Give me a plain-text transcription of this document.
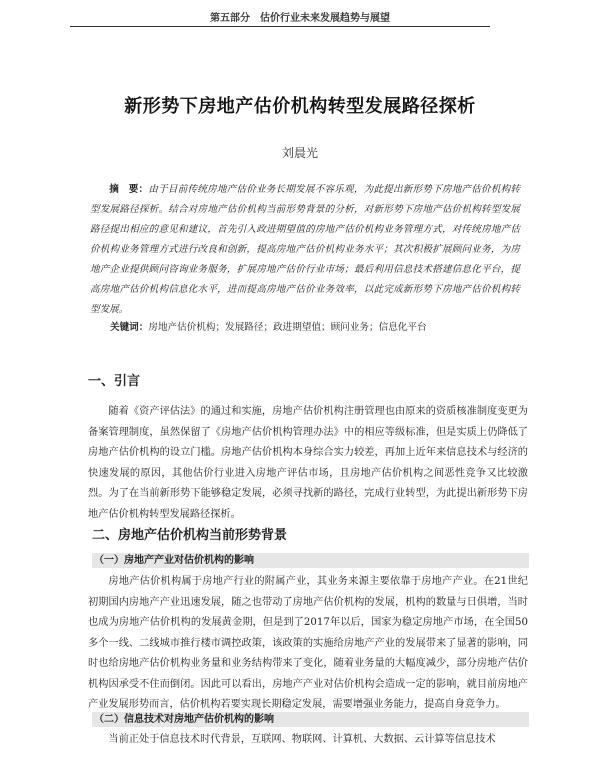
第五部分　估价行业未来发展趋势与展望
新形势下房地产估价机构转型发展路径探析
刘晨光
摘　要：由于目前传统房地产估价业务长期发展不容乐观，为此提出新形势下房地产估价机构转型发展路径探析。结合对房地产估价机构当前形势背景的分析，对新形势下房地产估价机构转型发展路径提出相应的意见和建议，首先引入政进期望值的房地产估价机构业务管理方式，对传统房地产估价机构业务管理方式进行改良和创新，提高房地产估价机构业务水平；其次积极扩展顾问业务，为房地产企业提供顾问咨询业务服务，扩展房地产估价行业市场；最后利用信息技术搭建信息化平台，提高房地产估价机构信息化水平，进而提高房地产估价业务效率，以此完成新形势下房地产估价机构转型发展。
关键词：房地产估价机构；发展路径；政进期望值；顾问业务；信息化平台
一、引言
随着《资产评估法》的通过和实施，房地产估价机构注册管理也由原来的资质核准制度变更为备案管理制度，虽然保留了《房地产估价机构管理办法》中的相应等级标准，但是实质上仍降低了房地产估价机构的设立门槛。房地产估价机构本身综合实力较差，再加上近年来信息技术与经济的快速发展的原因，其他估价行业进入房地产评估市场，且房地产估价机构之间恶性竞争又比较激烈。为了在当前新形势下能够稳定发展，必须寻找新的路径，完成行业转型，为此提出新形势下房地产估价机构转型发展路径探析。
二、房地产估价机构当前形势背景
（一）房地产产业对估价机构的影响
房地产估价机构属于房地产行业的附属产业，其业务来源主要依靠于房地产产业。在21世纪初期国内房地产产业迅速发展，随之也带动了房地产估价机构的发展，机构的数量与日俱增，当时也成为房地产估价机构的发展黄金期，但是到了2017年以后，国家为稳定房地产市场，在全国50多个一线、二线城市推行楼市调控政策，该政策的实施给房地产产业的发展带来了显著的影响，同时也给房地产估价机构业务量和业务结构带来了变化，随着业务量的大幅度减少，部分房地产估价机构因承受不住而倒闭。因此可以看出，房地产产业对估价机构会造成一定的影响，就目前房地产产业发展形势而言，估价机构若要实现长期稳定发展，需要增强业务能力，提高自身竞争力。
（二）信息技术对房地产估价机构的影响
当前正处于信息技术时代背景，互联网、物联网、计算机、大数据、云计算等信息技术
